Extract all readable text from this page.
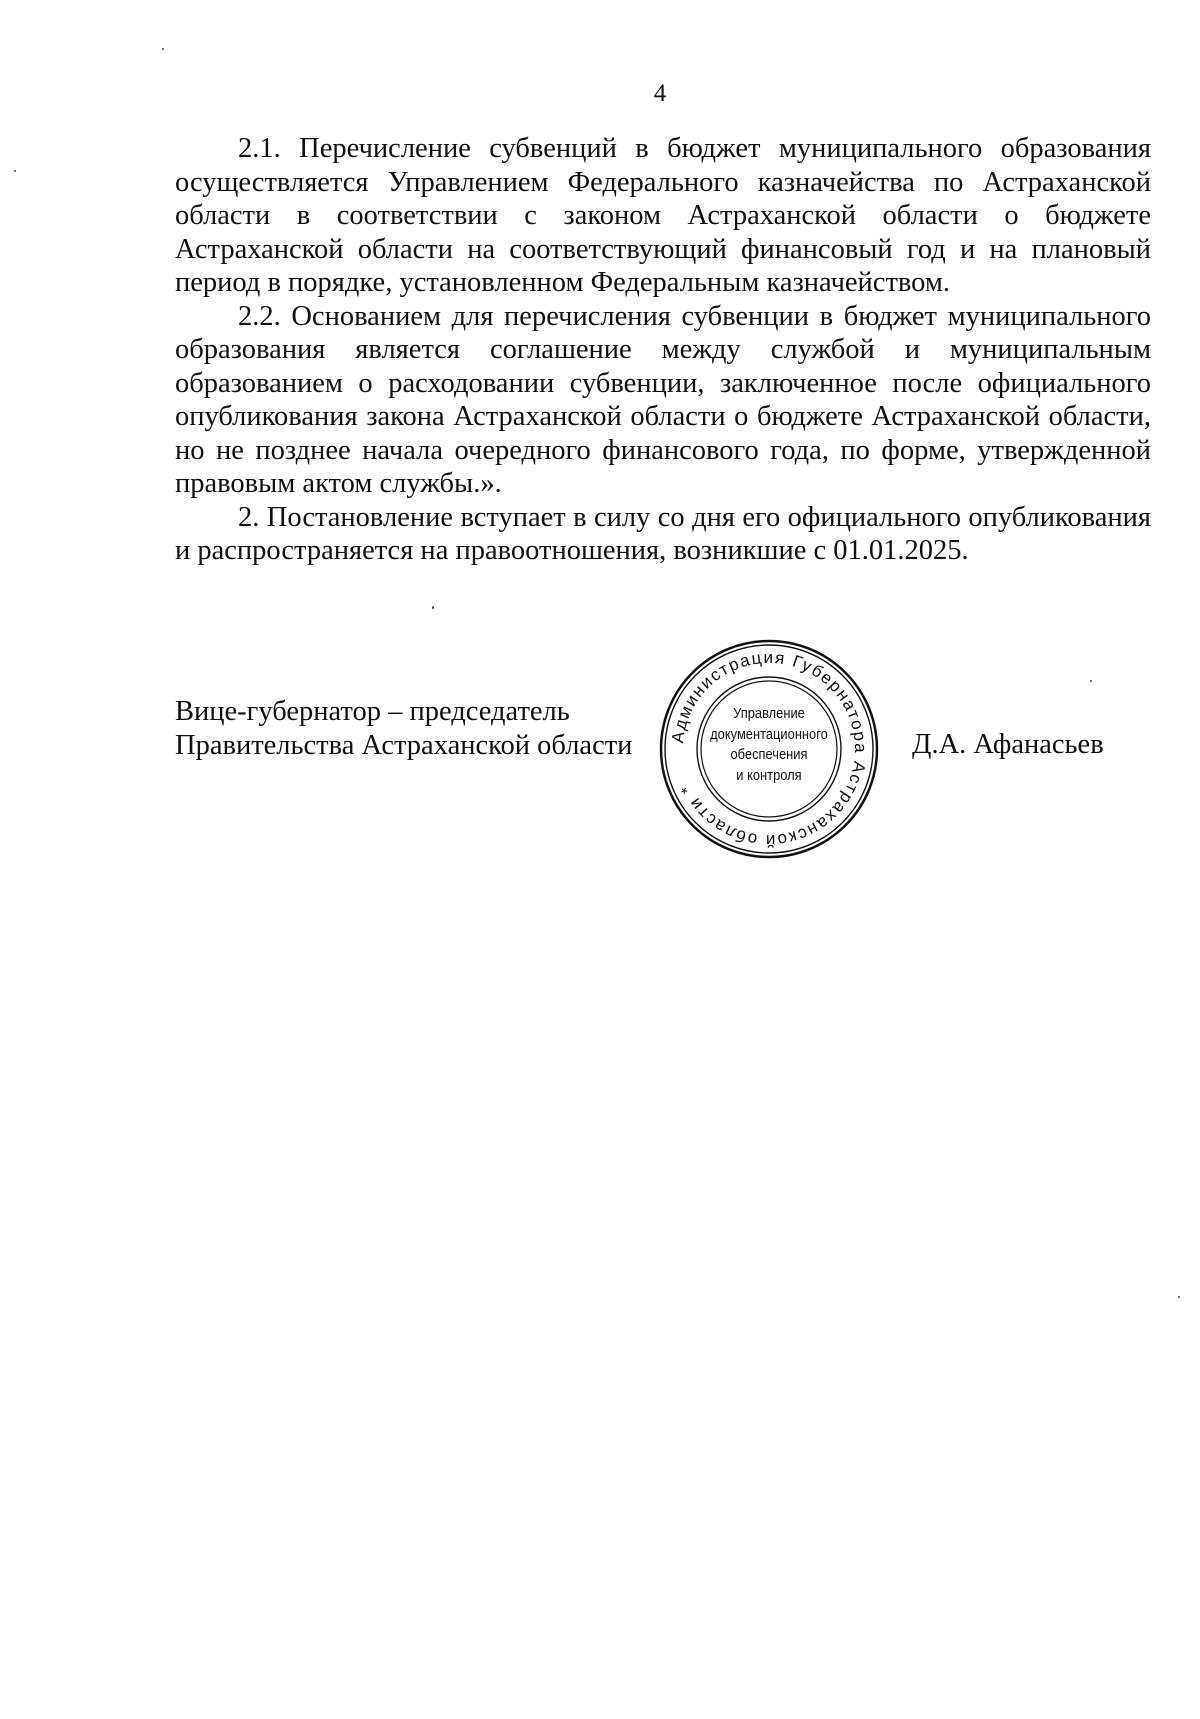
4

2.1. Перечисление субвенций в бюджет муниципального образования осуществляется Управлением Федерального казначейства по Астраханской области в соответствии с законом Астраханской области о бюджете Астраханской области на соответствующий финансовый год и на плановый период в порядке, установленном Федеральным казначейством.

2.2. Основанием для перечисления субвенции в бюджет муниципального образования является соглашение между службой и муниципальным образованием о расходовании субвенции, заключенное после официального опубликования закона Астраханской области о бюджете Астраханской области, но не позднее начала очередного финансового года, по форме, утвержденной правовым актом службы.».

2. Постановление вступает в силу со дня его официального опубликования и распространяется на правоотношения, возникшие с 01.01.2025.

Вице-губернатор – председатель
Правительства Астраханской области	Д.А. Афанасьев
Администрация Губернатора Астраханской области *
Управление
документационного
обеспечения
и контроля
